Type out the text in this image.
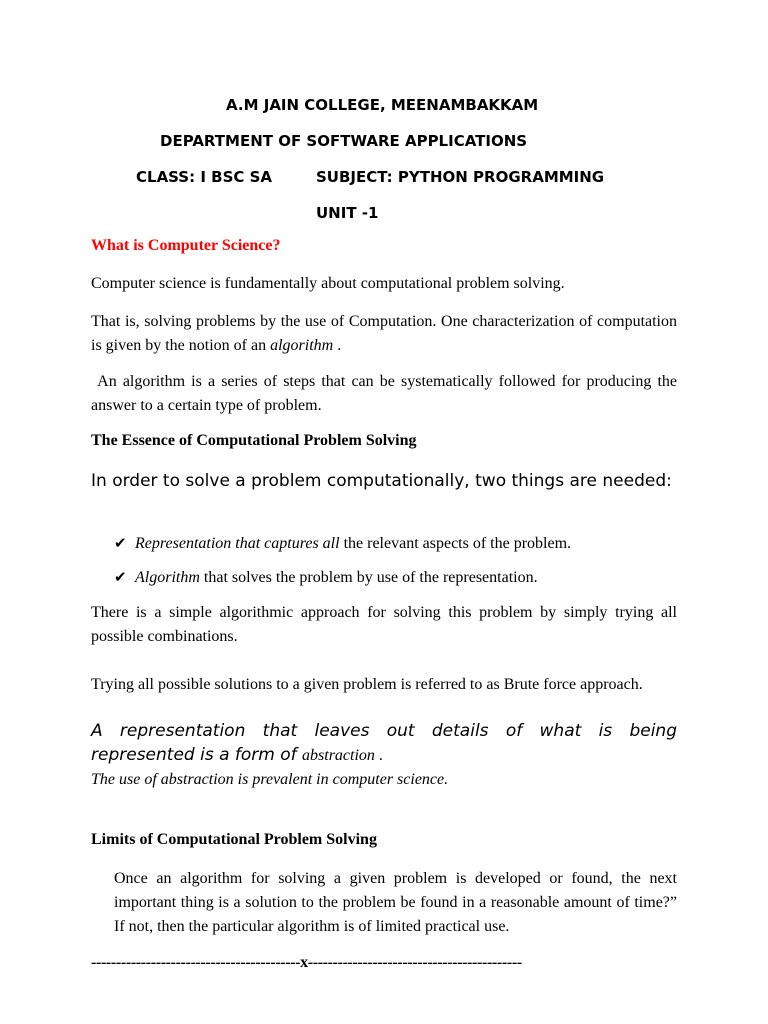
A.M JAIN COLLEGE, MEENAMBAKKAM
DEPARTMENT OF SOFTWARE APPLICATIONS
CLASS: I BSC SA	SUBJECT: PYTHON PROGRAMMING
UNIT -1
What is Computer Science?
Computer science is fundamentally about computational problem solving.
That is, solving problems by the use of Computation. One characterization of computation is given by the notion of an algorithm .
An algorithm is a series of steps that can be systematically followed for producing the answer to a certain type of problem.
The Essence of Computational Problem Solving
In order to solve a problem computationally, two things are needed:
✔ Representation that captures all the relevant aspects of the problem.
✔ Algorithm that solves the problem by use of the representation.
There is a simple algorithmic approach for solving this problem by simply trying all possible combinations.
Trying all possible solutions to a given problem is referred to as Brute force approach.
A representation that leaves out details of what is being
represented is a form of abstraction .
The use of abstraction is prevalent in computer science.
Limits of Computational Problem Solving
Once an algorithm for solving a given problem is developed or found, the next important thing is a solution to the problem be found in a reasonable amount of time?” If not, then the particular algorithm is of limited practical use.
------------------------------------------x-------------------------------------------
